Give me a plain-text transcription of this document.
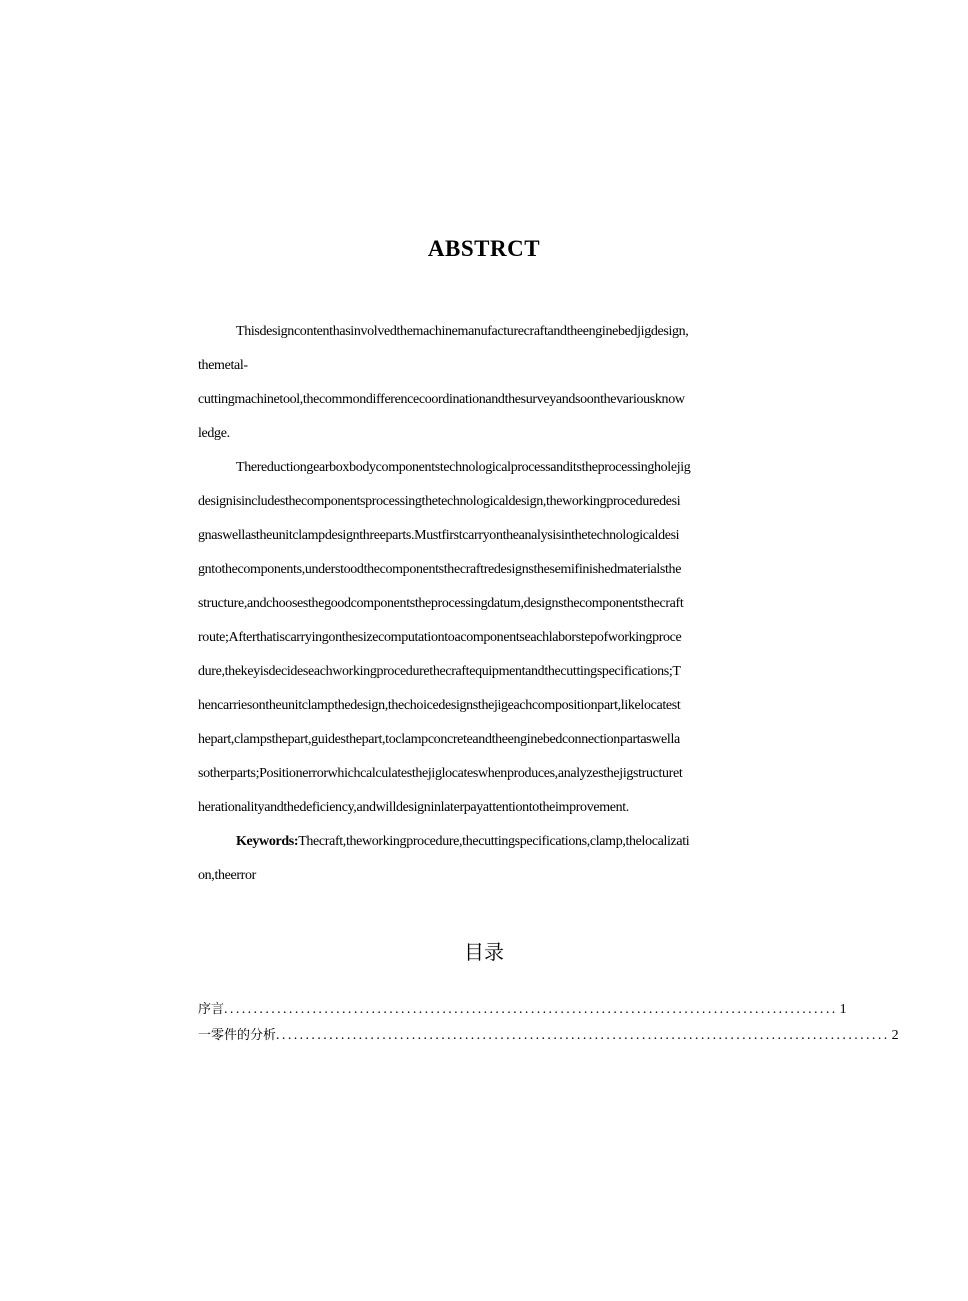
ABSTRCT
Thisdesigncontenthasinvolvedthemachinemanufacturecraftandtheenginebedjigdesign,
themetal-
cuttingmachinetool,thecommondifferencecoordinationandthesurveyandsoonthevariousknow
ledge.
Thereductiongearboxbodycomponentstechnologicalprocessanditstheprocessingholejig
designisincludesthecomponentsprocessingthetechnologicaldesign,theworkingproceduredesi
gnaswellastheunitclampdesignthreeparts.Mustfirstcarryontheanalysisinthetechnologicaldesi
gntothecomponents,understoodthecomponentsthecraftredesignsthesemifinishedmaterialsthe
structure,andchoosesthegoodcomponentstheprocessingdatum,designsthecomponentsthecraft
route;Afterthatiscarryingonthesizecomputationtoacomponentseachlaborstepofworkingproce
dure,thekeyisdecideseachworkingprocedurethecraftequipmentandthecuttingspecifications;T
hencarriesontheunitclampthedesign,thechoicedesignsthejigeachcompositionpart,likelocatest
hepart,clampsthepart,guidesthepart,toclampconcreteandtheenginebedconnectionpartaswella
sotherparts;Positionerrorwhichcalculatesthejiglocateswhenproduces,analyzesthejigstructuret
herationalityandthedeficiency,andwilldesigninlaterpayattentiontotheimprovement.
Keywords:Thecraft,theworkingprocedure,thecuttingspecifications,clamp,thelocalizati
on,theerror
目录
序 言 ........................................................................................................ 1
一零件的分析 ........................................................................................................ 2
